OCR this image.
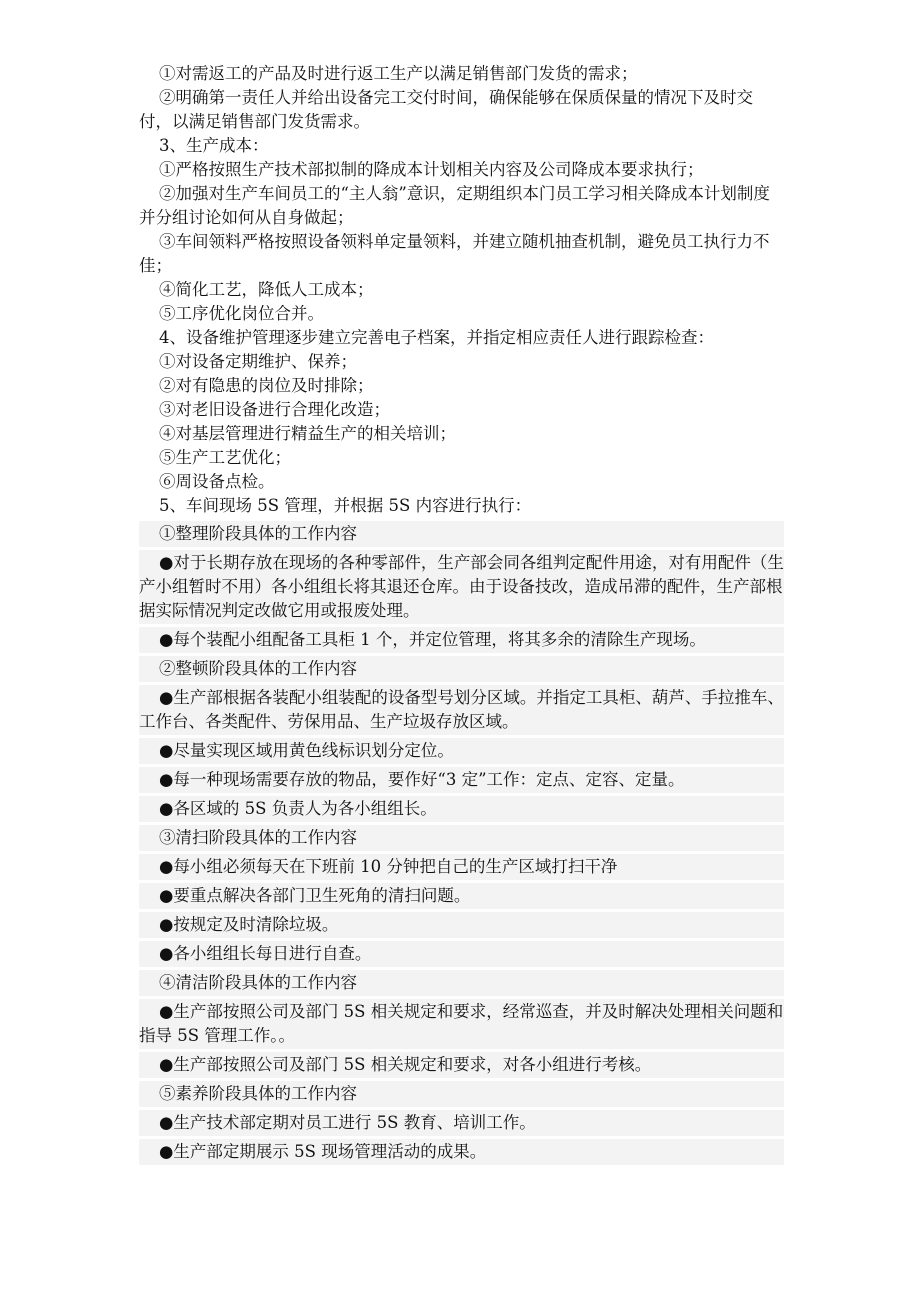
①对需返工的产品及时进行返工生产以满足销售部门发货的需求；

②明确第一责任人并给出设备完工交付时间，确保能够在保质保量的情况下及时交付，以满足销售部门发货需求。

3、生产成本：

①严格按照生产技术部拟制的降成本计划相关内容及公司降成本要求执行；

②加强对生产车间员工的“主人翁”意识，定期组织本门员工学习相关降成本计划制度并分组讨论如何从自身做起；

③车间领料严格按照设备领料单定量领料，并建立随机抽查机制，避免员工执行力不佳；

④简化工艺，降低人工成本；

⑤工序优化岗位合并。

4、设备维护管理逐步建立完善电子档案，并指定相应责任人进行跟踪检查：

①对设备定期维护、保养；

②对有隐患的岗位及时排除；

③对老旧设备进行合理化改造；

④对基层管理进行精益生产的相关培训；

⑤生产工艺优化；

⑥周设备点检。

5、车间现场 5S 管理，并根据 5S 内容进行执行：

①整理阶段具体的工作内容

●对于长期存放在现场的各种零部件，生产部会同各组判定配件用途，对有用配件（生产小组暂时不用）各小组组长将其退还仓库。由于设备技改，造成吊滞的配件，生产部根据实际情况判定改做它用或报废处理。

●每个装配小组配备工具柜 1 个，并定位管理，将其多余的清除生产现场。

②整顿阶段具体的工作内容

●生产部根据各装配小组装配的设备型号划分区域。并指定工具柜、葫芦、手拉推车、工作台、各类配件、劳保用品、生产垃圾存放区域。

●尽量实现区域用黄色线标识划分定位。

●每一种现场需要存放的物品，要作好“3 定”工作：定点、定容、定量。

●各区域的 5S 负责人为各小组组长。

③清扫阶段具体的工作内容

●每小组必须每天在下班前 10 分钟把自己的生产区域打扫干净

●要重点解决各部门卫生死角的清扫问题。

●按规定及时清除垃圾。

●各小组组长每日进行自查。

④清洁阶段具体的工作内容

●生产部按照公司及部门 5S 相关规定和要求，经常巡查，并及时解决处理相关问题和指导 5S 管理工作。。

●生产部按照公司及部门 5S 相关规定和要求，对各小组进行考核。

⑤素养阶段具体的工作内容

●生产技术部定期对员工进行 5S 教育、培训工作。

●生产部定期展示 5S 现场管理活动的成果。
